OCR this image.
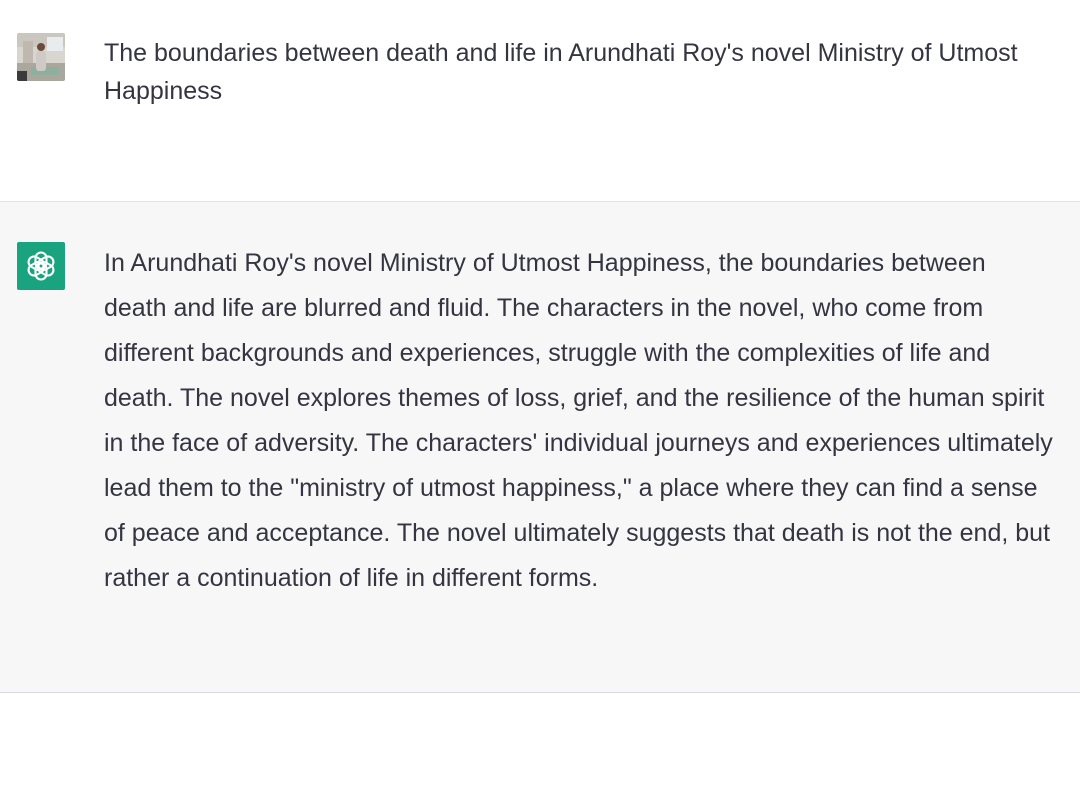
The boundaries between death and life in Arundhati Roy's novel Ministry of Utmost Happiness

In Arundhati Roy's novel Ministry of Utmost Happiness, the boundaries between death and life are blurred and fluid. The characters in the novel, who come from different backgrounds and experiences, struggle with the complexities of life and death. The novel explores themes of loss, grief, and the resilience of the human spirit in the face of adversity. The characters' individual journeys and experiences ultimately lead them to the "ministry of utmost happiness," a place where they can find a sense of peace and acceptance. The novel ultimately suggests that death is not the end, but rather a continuation of life in different forms.
